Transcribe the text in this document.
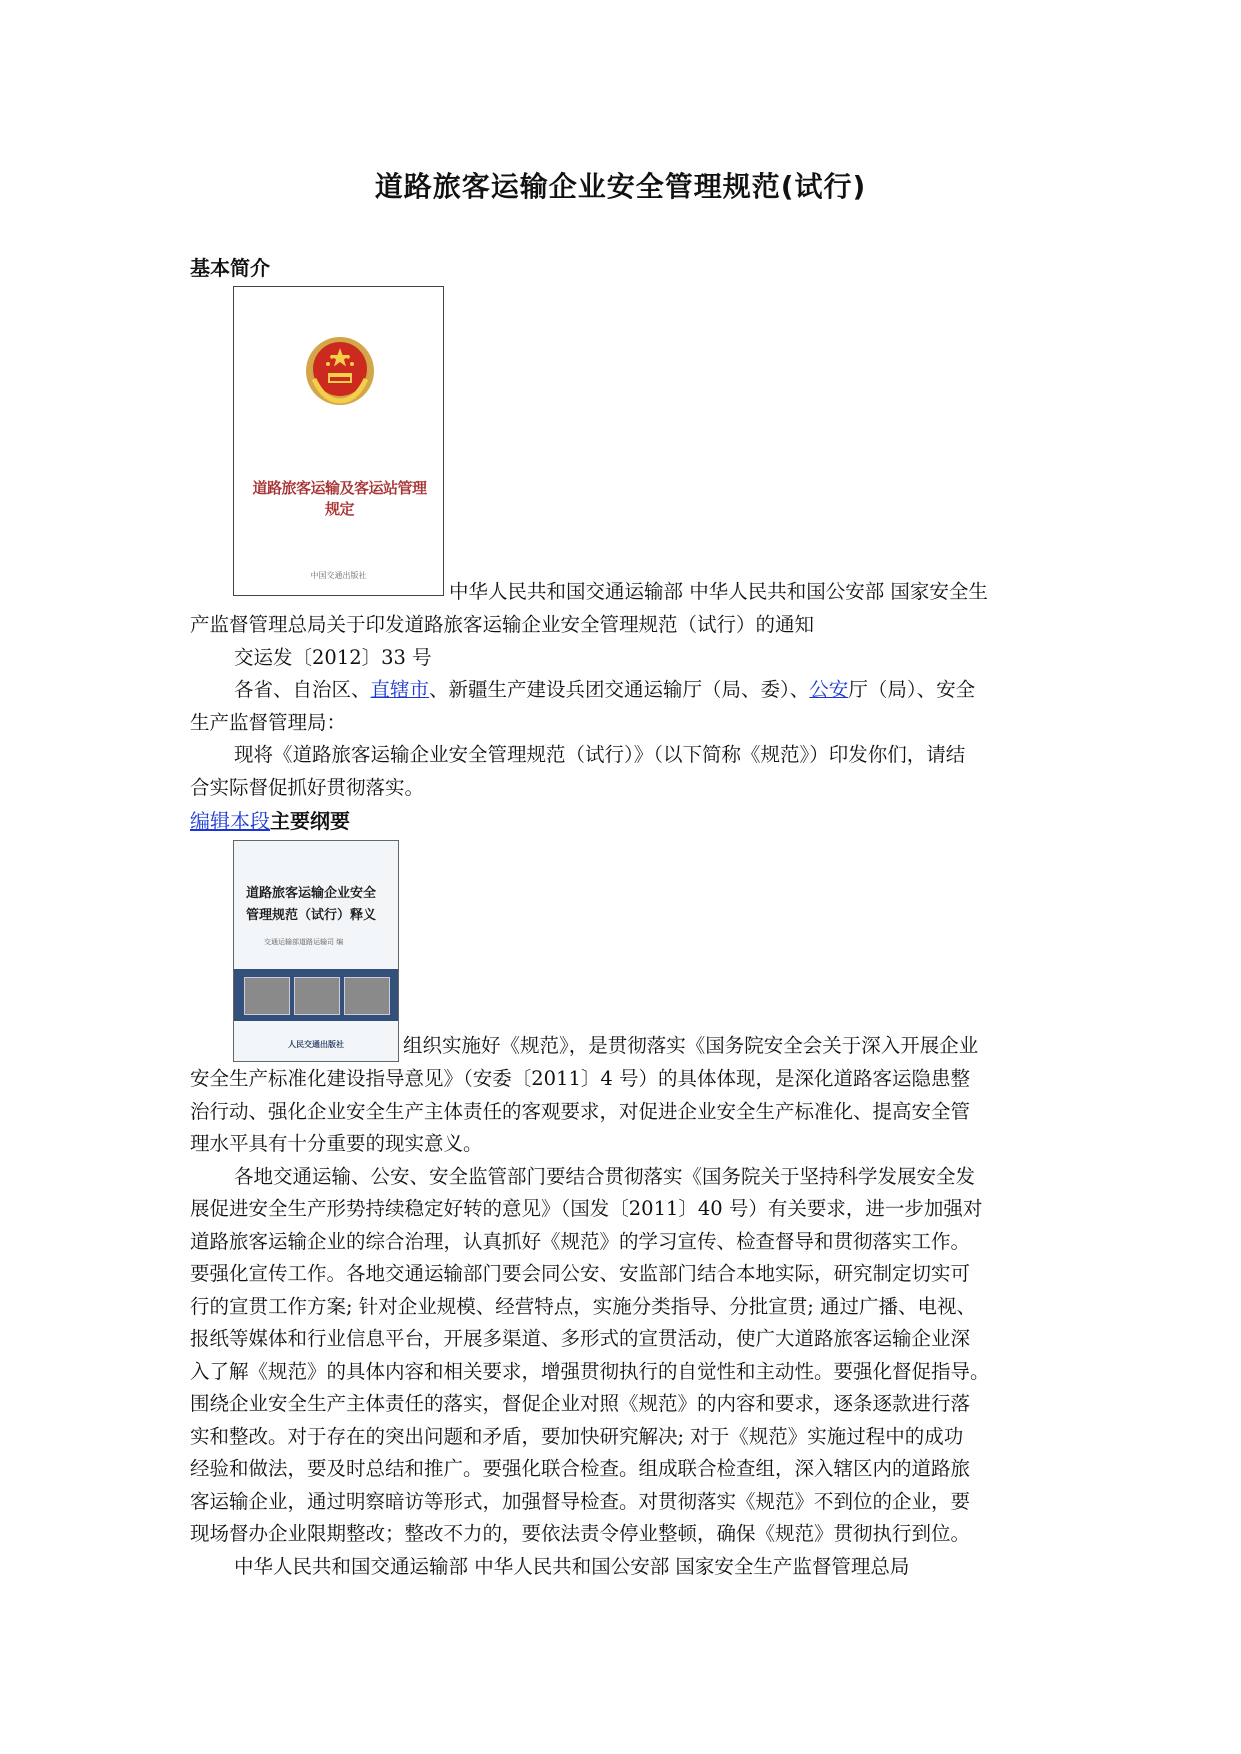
道路旅客运输企业安全管理规范(试行)
基本简介
道路旅客运输及客运站管理规定
中国交通出版社
中华人民共和国交通运输部 中华人民共和国公安部 国家安全生
产监督管理总局关于印发道路旅客运输企业安全管理规范（试行）的通知
交运发〔2012〕33 号
各省、自治区、直辖市、新疆生产建设兵团交通运输厅（局、委）、公安厅（局）、安全
生产监督管理局：
现将《道路旅客运输企业安全管理规范（试行）》（以下简称《规范》）印发你们，请结
合实际督促抓好贯彻落实。
编辑本段主要纲要
道路旅客运输企业安全
管理规范（试行）释义
交通运输部道路运输司 编
人民交通出版社	组织实施好《规范》，是贯彻落实《国务院安全会关于深入开展企业
安全生产标准化建设指导意见》（安委〔2011〕4 号）的具体体现，是深化道路客运隐患整
治行动、强化企业安全生产主体责任的客观要求，对促进企业安全生产标准化、提高安全管
理水平具有十分重要的现实意义。
各地交通运输、公安、安全监管部门要结合贯彻落实《国务院关于坚持科学发展安全发
展促进安全生产形势持续稳定好转的意见》（国发〔2011〕40 号）有关要求，进一步加强对
道路旅客运输企业的综合治理，认真抓好《规范》的学习宣传、检查督导和贯彻落实工作。
要强化宣传工作。各地交通运输部门要会同公安、安监部门结合本地实际，研究制定切实可
行的宣贯工作方案; 针对企业规模、经营特点，实施分类指导、分批宣贯; 通过广播、电视、
报纸等媒体和行业信息平台，开展多渠道、多形式的宣贯活动，使广大道路旅客运输企业深
入了解《规范》的具体内容和相关要求，增强贯彻执行的自觉性和主动性。要强化督促指导。
围绕企业安全生产主体责任的落实，督促企业对照《规范》的内容和要求，逐条逐款进行落
实和整改。对于存在的突出问题和矛盾，要加快研究解决; 对于《规范》实施过程中的成功
经验和做法，要及时总结和推广。要强化联合检查。组成联合检查组，深入辖区内的道路旅
客运输企业，通过明察暗访等形式，加强督导检查。对贯彻落实《规范》不到位的企业，要
现场督办企业限期整改；整改不力的，要依法责令停业整顿，确保《规范》贯彻执行到位。
中华人民共和国交通运输部 中华人民共和国公安部 国家安全生产监督管理总局
